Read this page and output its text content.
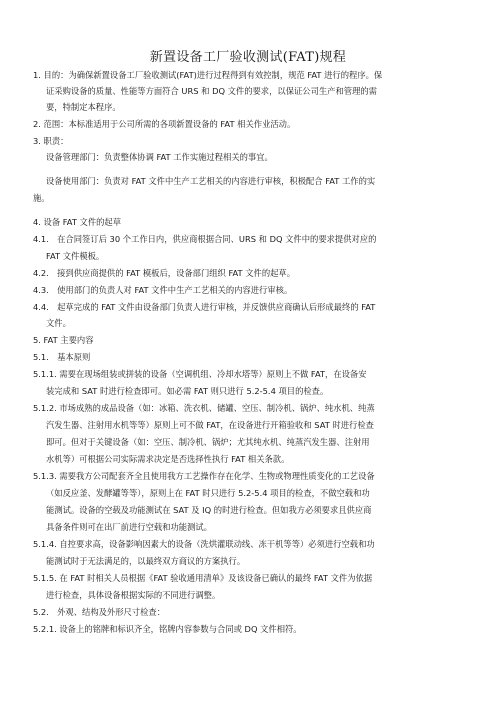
新置设备工厂验收测试(FAT)规程
1. 目的：为确保新置设备工厂验收测试(FAT)进行过程得到有效控制，规范 FAT 进行的程序。保
证采购设备的质量、性能等方面符合 URS 和 DQ 文件的要求，以保证公司生产和管理的需
要，特制定本程序。
2. 范围：本标准适用于公司所需的各项新置设备的 FAT 相关作业活动。
3. 职责：
设备管理部门：负责整体协调 FAT 工作实施过程相关的事宜。
设备使用部门：负责对 FAT 文件中生产工艺相关的内容进行审核，积极配合 FAT 工作的实
施。
4. 设备 FAT 文件的起草
4.1.　在合同签订后 30 个工作日内，供应商根据合同、URS 和 DQ 文件中的要求提供对应的
FAT 文件模板。
4.2.　接到供应商提供的 FAT 模板后，设备部门组织 FAT 文件的起草。
4.3.　使用部门的负责人对 FAT 文件中生产工艺相关的内容进行审核。
4.4.　起草完成的 FAT 文件由设备部门负责人进行审核，并反馈供应商确认后形成最终的 FAT
文件。
5. FAT 主要内容
5.1.　基本原则
5.1.1. 需要在现场组装或拼装的设备（空调机组、冷却水塔等）原则上不做 FAT，在设备安
装完成和 SAT 时进行检查即可。如必需 FAT 则只进行 5.2-5.4 项目的检查。
5.1.2. 市场成熟的成品设备（如：冰箱、洗衣机、储罐、空压、制冷机、锅炉、纯水机、纯蒸
汽发生器、注射用水机等等）原则上可不做 FAT，在设备进行开箱验收和 SAT 时进行检查
即可。但对于关键设备（如：空压、制冷机、锅炉；尤其纯水机、纯蒸汽发生器、注射用
水机等）可根据公司实际需求决定是否选择性执行 FAT 相关条款。
5.1.3. 需要我方公司配套齐全且使用我方工艺操作存在化学、生物或物理性质变化的工艺设备
（如反应釜、发酵罐等等），原则上在 FAT 时只进行 5.2-5.4 项目的检查，不做空载和功
能测试。设备的空载及功能测试在 SAT 及 IQ 的时进行检查。但如我方必须要求且供应商
具备条件则可在出厂前进行空载和功能测试。
5.1.4. 自控要求高，设备影响因素大的设备（洗烘灌联动线、冻干机等等）必须进行空载和功
能测试时于无法满足的，以最终双方商议的方案执行。
5.1.5. 在 FAT 时相关人员根据《FAT 验收通用清单》及该设备已确认的最终 FAT 文件为依据
进行检查，具体设备根据实际的不同进行调整。
5.2.　外观、结构及外形尺寸检查：
5.2.1. 设备上的铭牌和标识齐全，铭牌内容参数与合同或 DQ 文件相符。
